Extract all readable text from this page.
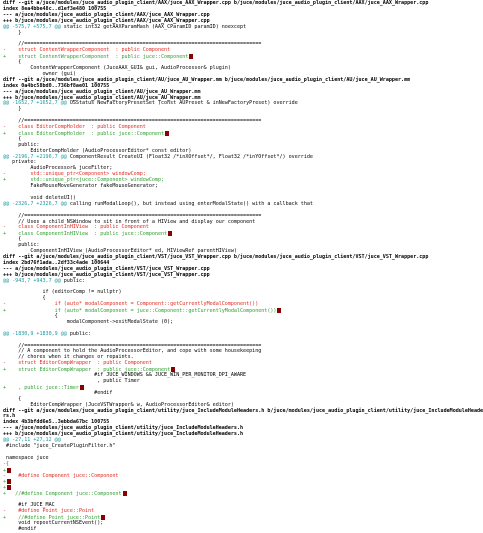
diff --git a/juce/modules/juce_audio_plugin_client/AAX/juce_AAX_Wrapper.cpp b/juce/modules/juce_audio_plugin_client/AAX/juce_AAX_Wrapper.cpp
index 8ea4bbe48c..d1ef3e480 100755
--- a/juce/modules/juce_audio_plugin_client/AAX/juce_AAX_Wrapper.cpp
+++ b/juce/modules/juce_audio_plugin_client/AAX/juce_AAX_Wrapper.cpp
@@ -575,7 +575,7 @@ static int32 getAAXParamHash (AAX_CParamID paramID) noexcept
}
//==============================================================================
-    struct ContentWrapperComponent  : public Component
+    struct ContentWrapperComponent  : public juce::Component
{
ContentWrapperComponent (JuceAAX_GUI& gui, AudioProcessor& plugin)
owner (gui)
diff --git a/juce/modules/juce_audio_plugin_client/AU/juce_AU_Wrapper.mm b/juce/modules/juce_audio_plugin_client/AU/juce_AU_Wrapper.mm
index 0a4bc58bd0..736bf8ae01 100755
--- a/juce/modules/juce_audio_plugin_client/AU/juce_AU_Wrapper.mm
+++ b/juce/modules/juce_audio_plugin_client/AU/juce_AU_Wrapper.mm
@@ -1652,7 +1652,7 @@ OSStatus NewFactoryPresetSet (const AUPreset & inNewFactoryPreset) override
}
//==============================================================================
-    class EditorCompHolder  : public Component
+    class EditorCompHolder  : public juce::Component
{
public:
EditorCompHolder (AudioProcessorEditor* const editor)
@@ -2196,7 +2196,7 @@ ComponentResult CreateUI (Float32 /*inXOffset*/, Float32 /*inYOffset*/) override
private:
AudioProcessor& juceFilter;
-        std::unique_ptr<Component> windowComp;
+        std::unique_ptr<juce::Component> windowComp;
FakeMouseMoveGenerator fakeMouseGenerator;
void deleteUI()
@@ -2326,7 +2326,7 @@ calling runModalLoop(), but instead using enterModalState() with a callback that
//==============================================================================
// Uses a child NSWindow to sit in front of a HIView and display our component
-    class ComponentInHIView  : public Component
+    class ComponentInHIView  : public juce::Component
{
public:
ComponentInHIView (AudioProcessorEditor* ed, HIViewRef parentHIView)
diff --git a/juce/modules/juce_audio_plugin_client/VST/juce_VST_Wrapper.cpp b/juce/modules/juce_audio_plugin_client/VST/juce_VST_Wrapper.cpp
index 2bd76f1ada..2df33c4ade 100644
--- a/juce/modules/juce_audio_plugin_client/VST/juce_VST_Wrapper.cpp
+++ b/juce/modules/juce_audio_plugin_client/VST/juce_VST_Wrapper.cpp
@@ -943,7 +943,7 @@ public:
if (editorComp != nullptr)
{
-                if (auto* modalComponent = Component::getCurrentlyModalComponent())
+                if (auto* modalComponent = juce::Component::getCurrentlyModalComponent())
{
modalComponent->exitModalState (0);
@@ -1830,9 +1830,9 @@ public:
//==============================================================================
// A component to hold the AudioProcessorEditor, and cope with some housekeeping
// chores when it changes or repaints.
-    struct EditorCompWrapper  : public Component
+    struct EditorCompWrapper  : public juce::Component
#if JUCE_WINDOWS && JUCE_WIN_PER_MONITOR_DPI_AWARE
, public Timer
+    , public juce::Timer
#endif
{
EditorCompWrapper (JuceVSTWrapper& w, AudioProcessorEditor& editor)
diff --git a/juce/modules/juce_audio_plugin_client/utility/juce_IncludeModuleHeaders.h b/juce/modules/juce_audio_plugin_client/utility/juce_IncludeModuleHeade
rs.h
index 4b3bfdd6e5..3ebbda67bc 100755
--- a/juce/modules/juce_audio_plugin_client/utility/juce_IncludeModuleHeaders.h
+++ b/juce/modules/juce_audio_plugin_client/utility/juce_IncludeModuleHeaders.h
@@ -27,11 +27,12 @@
#include "juce_CreatePluginFilter.h"
namespace juce
-{
+
-    #define Component juce::Component
+
+
+   //#define Component juce::Component
#if JUCE_MAC
-    #define Point juce::Point
+    //#define Point juce::Point
void repostCurrentNSEvent();
#endif
